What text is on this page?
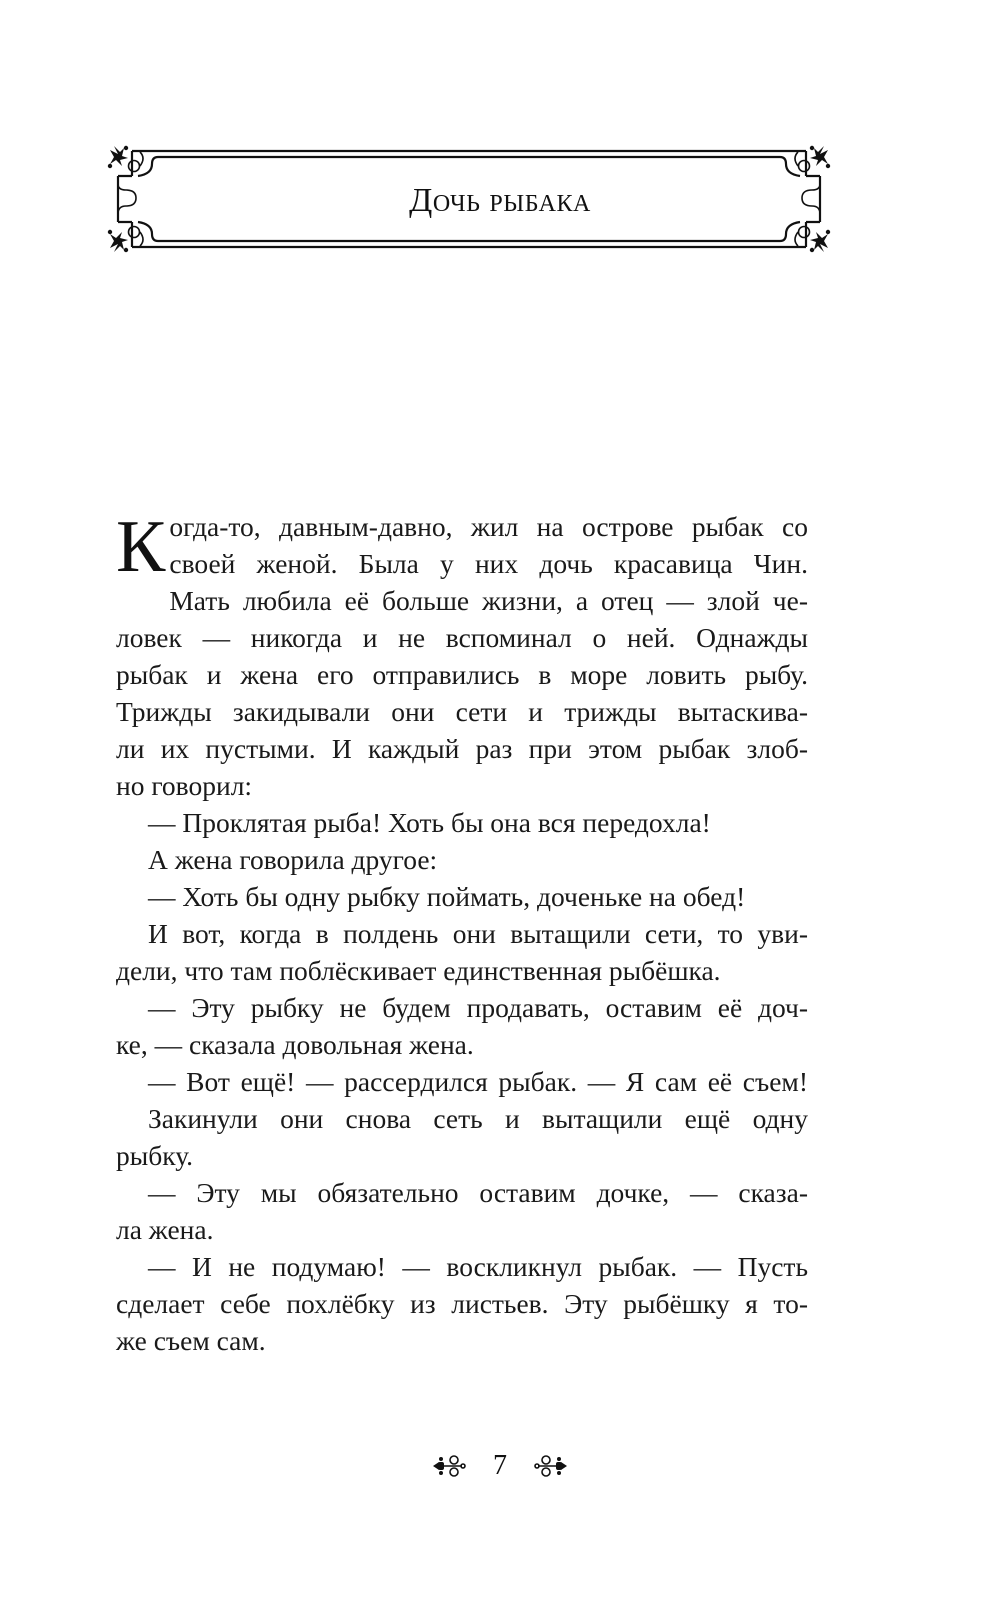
Дочь рыбака
К огда-то, давным-давно, жил на острове рыбак со
своей женой. Была у них дочь красавица Чин.
Мать любила её больше жизни, а отец — злой че-
ловек — никогда и не вспоминал о ней. Однажды
рыбак и жена его отправились в море ловить рыбу.
Трижды закидывали они сети и трижды вытаскива-
ли их пустыми. И каждый раз при этом рыбак злоб-
но говорил:
— Проклятая рыба! Хоть бы она вся передохла!
А жена говорила другое:
— Хоть бы одну рыбку поймать, доченьке на обед!
И вот, когда в полдень они вытащили сети, то уви-
дели, что там поблёскивает единственная рыбёшка.
— Эту рыбку не будем продавать, оставим её доч-
ке, — сказала довольная жена.
— Вот ещё! — рассердился рыбак. — Я сам её съем!
Закинули они снова сеть и вытащили ещё одну
рыбку.
— Эту мы обязательно оставим дочке, — сказа-
ла жена.
— И не подумаю! — воскликнул рыбак. — Пусть
сделает себе похлёбку из листьев. Эту рыбёшку я то-
же съем сам.
7
